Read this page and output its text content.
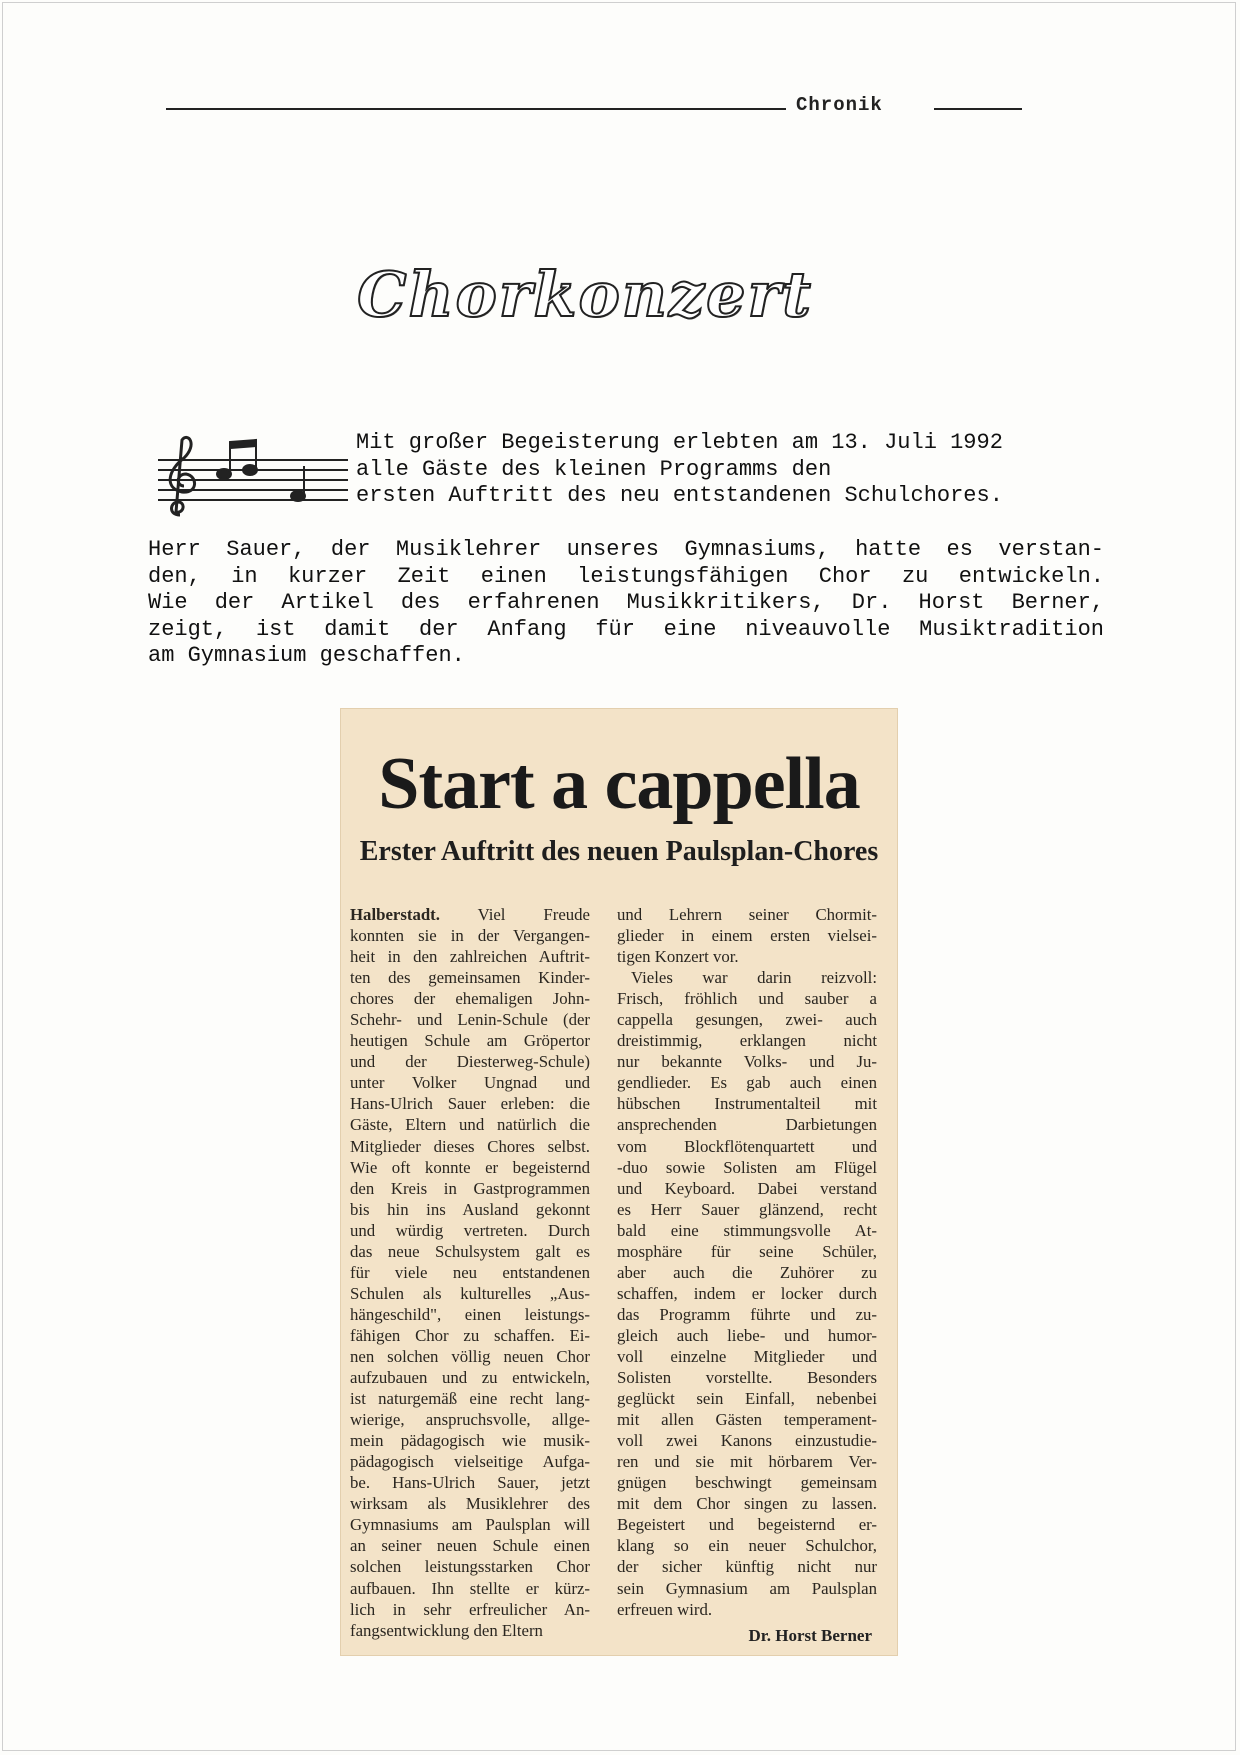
Chronik
Chorkonzert
Mit großer Begeisterung erlebten am 13. Juli 1992
alle Gäste des kleinen Programms den
ersten Auftritt des neu entstandenen Schulchores.
Herr Sauer, der Musiklehrer unseres Gymnasiums, hatte es verstan-
den, in kurzer Zeit einen leistungsfähigen Chor zu entwickeln.
Wie der Artikel des erfahrenen Musikkritikers, Dr. Horst Berner,
zeigt, ist damit der Anfang für eine niveauvolle Musiktradition
am Gymnasium geschaffen.
Start a cappella
Erster Auftritt des neuen Paulsplan-Chores
Halberstadt. Viel Freude
konnten sie in der Vergangen-
heit in den zahlreichen Auftrit-
ten des gemeinsamen Kinder-
chores der ehemaligen John-
Schehr- und Lenin-Schule (der
heutigen Schule am Gröpertor
und der Diesterweg-Schule)
unter Volker Ungnad und
Hans-Ulrich Sauer erleben: die
Gäste, Eltern und natürlich die
Mitglieder dieses Chores selbst.
Wie oft konnte er begeisternd
den Kreis in Gastprogrammen
bis hin ins Ausland gekonnt
und würdig vertreten. Durch
das neue Schulsystem galt es
für viele neu entstandenen
Schulen als kulturelles „Aus-
hängeschild", einen leistungs-
fähigen Chor zu schaffen. Ei-
nen solchen völlig neuen Chor
aufzubauen und zu entwickeln,
ist naturgemäß eine recht lang-
wierige, anspruchsvolle, allge-
mein pädagogisch wie musik-
pädagogisch vielseitige Aufga-
be. Hans-Ulrich Sauer, jetzt
wirksam als Musiklehrer des
Gymnasiums am Paulsplan will
an seiner neuen Schule einen
solchen leistungsstarken Chor
aufbauen. Ihn stellte er kürz-
lich in sehr erfreulicher An-
fangsentwicklung den Eltern
und Lehrern seiner Chormit-
glieder in einem ersten vielsei-
tigen Konzert vor.
Vieles war darin reizvoll:
Frisch, fröhlich und sauber a
cappella gesungen, zwei- auch
dreistimmig, erklangen nicht
nur bekannte Volks- und Ju-
gendlieder. Es gab auch einen
hübschen Instrumentalteil mit
ansprechenden Darbietungen
vom Blockflötenquartett und
-duo sowie Solisten am Flügel
und Keyboard. Dabei verstand
es Herr Sauer glänzend, recht
bald eine stimmungsvolle At-
mosphäre für seine Schüler,
aber auch die Zuhörer zu
schaffen, indem er locker durch
das Programm führte und zu-
gleich auch liebe- und humor-
voll einzelne Mitglieder und
Solisten vorstellte. Besonders
geglückt sein Einfall, nebenbei
mit allen Gästen temperament-
voll zwei Kanons einzustudie-
ren und sie mit hörbarem Ver-
gnügen beschwingt gemeinsam
mit dem Chor singen zu lassen.
Begeistert und begeisternd er-
klang so ein neuer Schulchor,
der sicher künftig nicht nur
sein Gymnasium am Paulsplan
erfreuen wird.
Dr. Horst Berner
